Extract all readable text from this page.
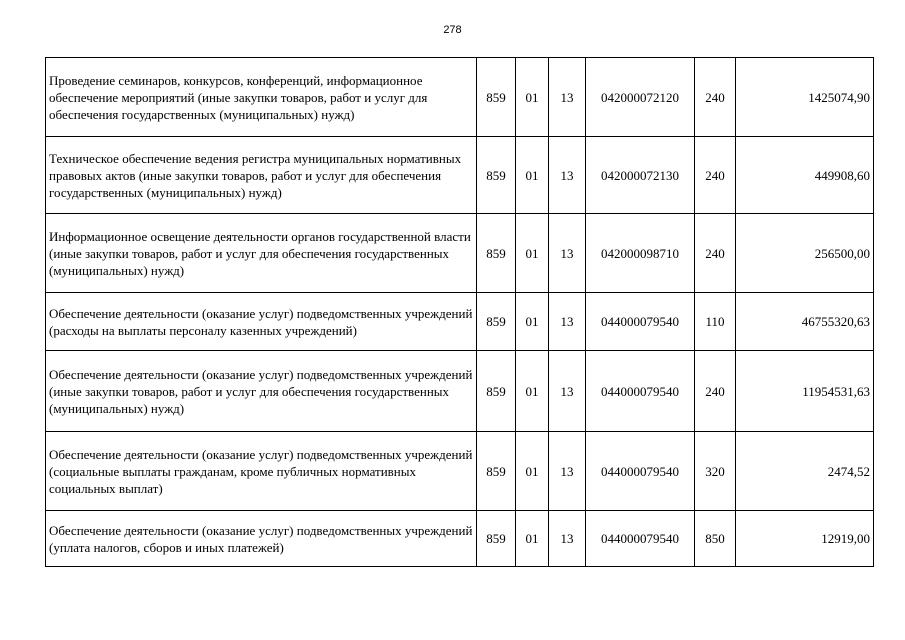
278
Проведение семинаров, конкурсов, конференций, информационное обеспечение мероприятий (иные закупки товаров, работ и услуг для обеспечения государственных (муниципальных) нужд)	859	01	13	042000072120	240	1425074,90
Техническое обеспечение ведения регистра муниципальных нормативных правовых актов (иные закупки товаров, работ и услуг для обеспечения государственных (муниципальных) нужд)	859	01	13	042000072130	240	449908,60
Информационное освещение деятельности органов государственной власти (иные закупки товаров, работ и услуг для обеспечения государственных (муниципальных) нужд)	859	01	13	042000098710	240	256500,00
Обеспечение деятельности (оказание услуг) подведомственных учреждений (расходы на выплаты персоналу казенных учреждений)	859	01	13	044000079540	110	46755320,63
Обеспечение деятельности (оказание услуг) подведомственных учреждений (иные закупки товаров, работ и услуг для обеспечения государственных (муниципальных) нужд)	859	01	13	044000079540	240	11954531,63
Обеспечение деятельности (оказание услуг) подведомственных учреждений (социальные выплаты гражданам, кроме публичных нормативных социальных выплат)	859	01	13	044000079540	320	2474,52
Обеспечение деятельности (оказание услуг) подведомственных учреждений (уплата налогов, сборов и иных платежей)	859	01	13	044000079540	850	12919,00
